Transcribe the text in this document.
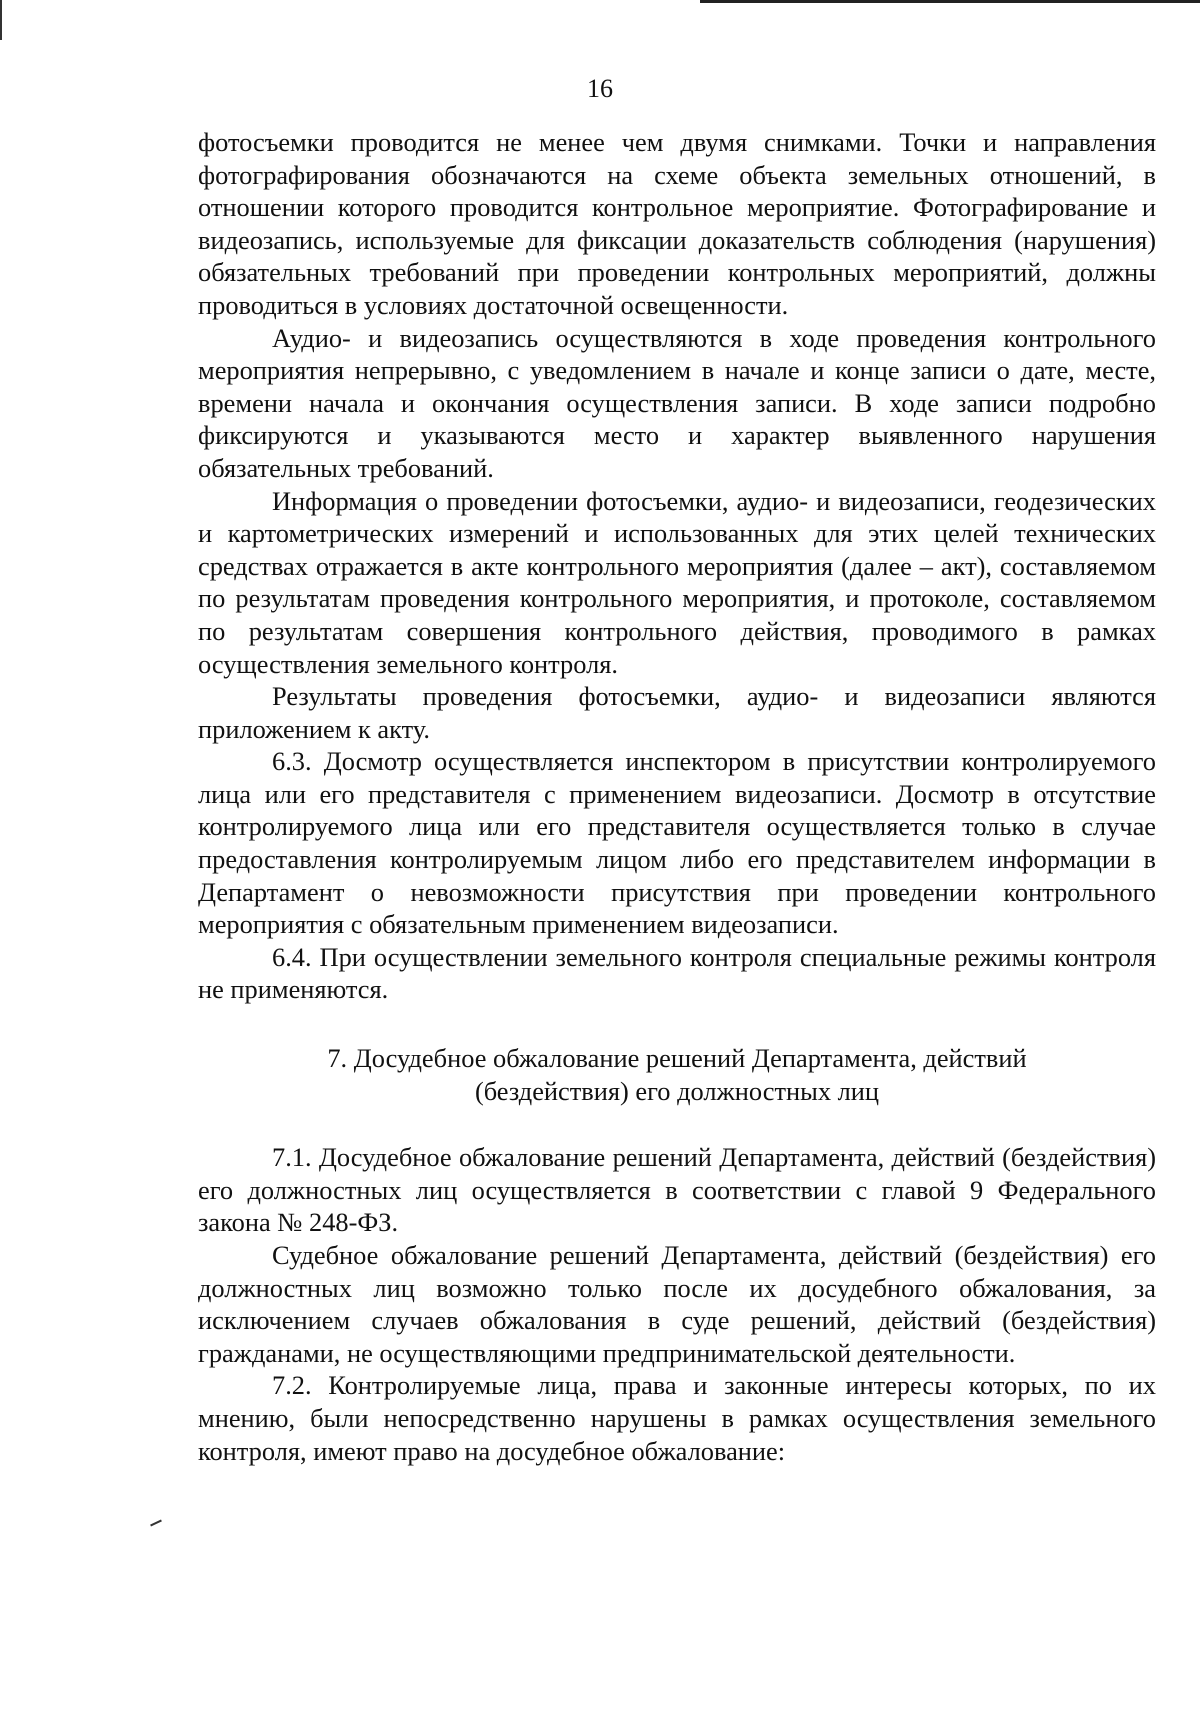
16

фотосъемки проводится не менее чем двумя снимками. Точки и направления фотографирования обозначаются на схеме объекта земельных отношений, в отношении которого проводится контрольное мероприятие. Фотографирование и видеозапись, используемые для фиксации доказательств соблюдения (нарушения) обязательных требований при проведении контрольных мероприятий, должны проводиться в условиях достаточной освещенности.

Аудио- и видеозапись осуществляются в ходе проведения контрольного мероприятия непрерывно, с уведомлением в начале и конце записи о дате, месте, времени начала и окончания осуществления записи. В ходе записи подробно фиксируются и указываются место и характер выявленного нарушения обязательных требований.

Информация о проведении фотосъемки, аудио- и видеозаписи, геодезических и картометрических измерений и использованных для этих целей технических средствах отражается в акте контрольного мероприятия (далее – акт), составляемом по результатам проведения контрольного мероприятия, и протоколе, составляемом по результатам совершения контрольного действия, проводимого в рамках осуществления земельного контроля.

Результаты проведения фотосъемки, аудио- и видеозаписи являются приложением к акту.

6.3. Досмотр осуществляется инспектором в присутствии контролируемого лица или его представителя с применением видеозаписи. Досмотр в отсутствие контролируемого лица или его представителя осуществляется только в случае предоставления контролируемым лицом либо его представителем информации в Департамент о невозможности присутствия при проведении контрольного мероприятия с обязательным применением видеозаписи.

6.4. При осуществлении земельного контроля специальные режимы контроля не применяются.

7. Досудебное обжалование решений Департамента, действий
(бездействия) его должностных лиц

7.1. Досудебное обжалование решений Департамента, действий (бездействия) его должностных лиц осуществляется в соответствии с главой 9 Федерального закона № 248-ФЗ.

Судебное обжалование решений Департамента, действий (бездействия) его должностных лиц возможно только после их досудебного обжалования, за исключением случаев обжалования в суде решений, действий (бездействия) гражданами, не осуществляющими предпринимательской деятельности.

7.2. Контролируемые лица, права и законные интересы которых, по их мнению, были непосредственно нарушены в рамках осуществления земельного контроля, имеют право на досудебное обжалование:
